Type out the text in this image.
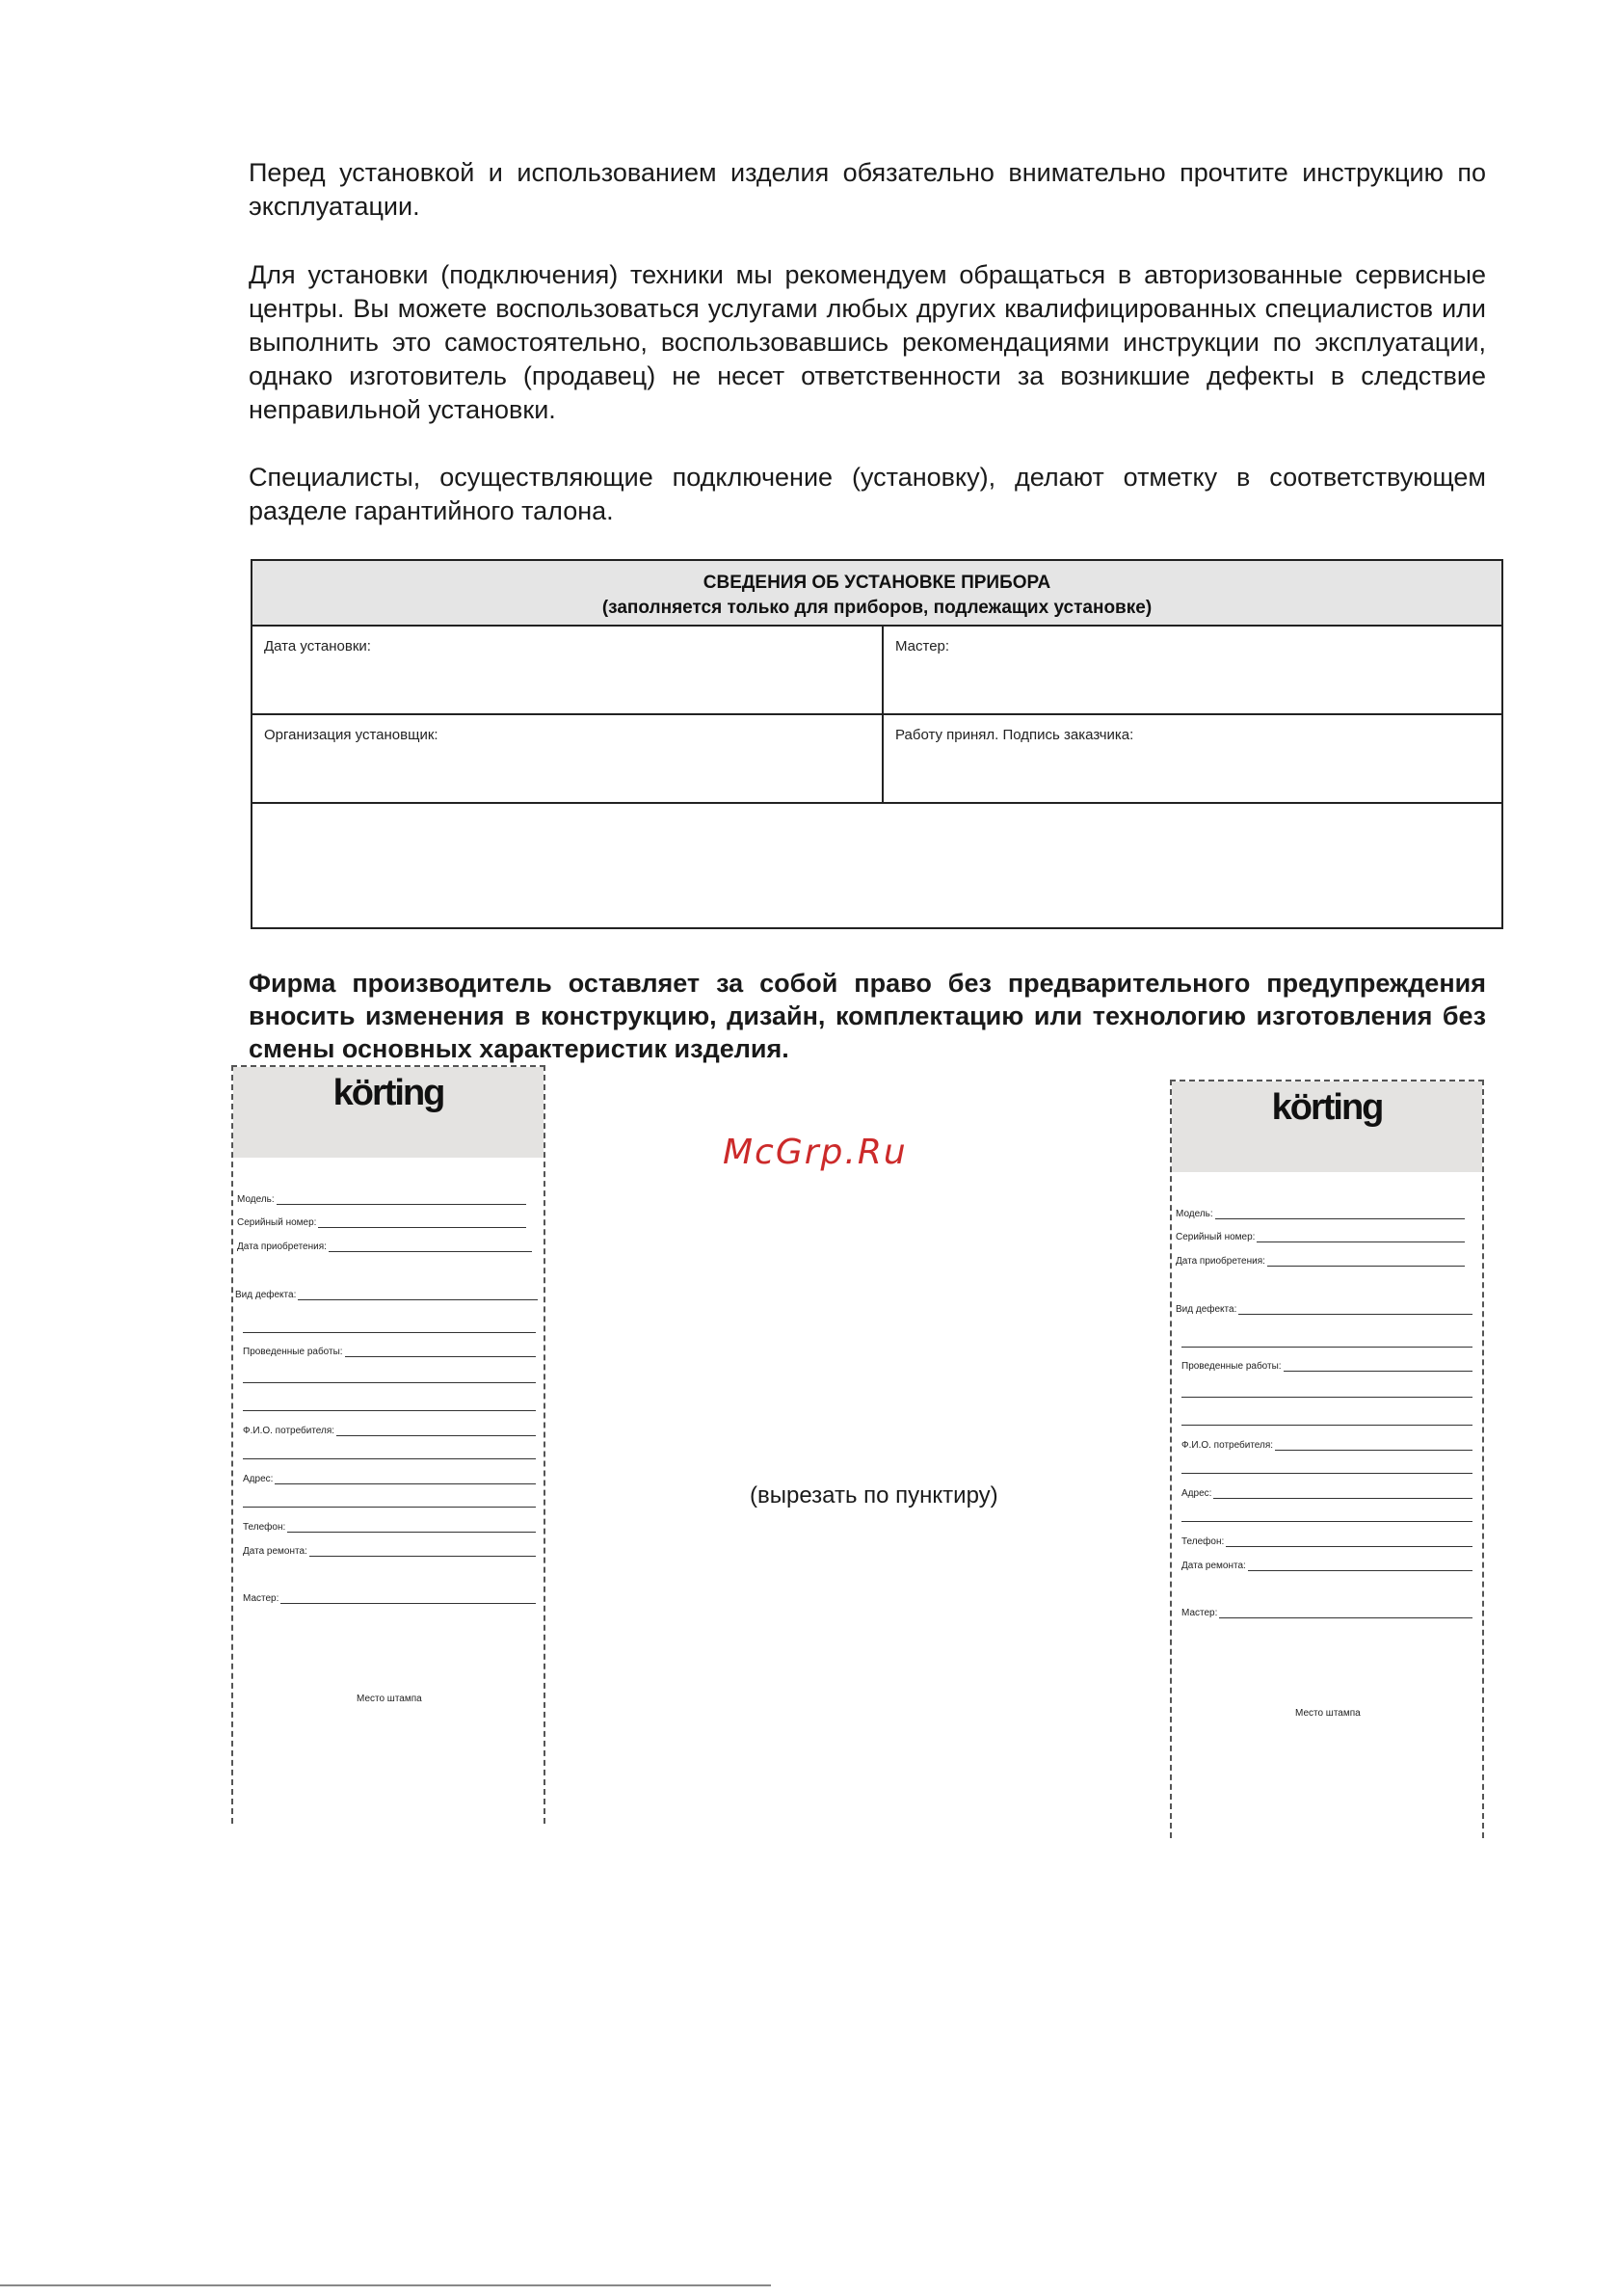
Перед установкой и использованием изделия обязательно внимательно прочтите инструкцию по эксплуатации.

Для установки (подключения) техники мы рекомендуем обращаться в авторизованные сервисные центры. Вы можете воспользоваться услугами любых других квалифицированных специалистов или выполнить это самостоятельно, воспользовавшись рекомендациями инструкции по эксплуатации, однако изготовитель (продавец) не несет ответственности за возникшие дефекты в следствие неправильной установки.

Специалисты, осуществляющие подключение (установку), делают отметку в соответствующем разделе гарантийного талона.

СВЕДЕНИЯ ОБ УСТАНОВКЕ ПРИБОРА
(заполняется только для приборов, подлежащих установке)
Дата установки:	Мастер:
Организация установщик:	Работу принял. Подпись заказчика:

Фирма производитель оставляет за собой право без предварительного предупреждения вносить изменения в конструкцию, дизайн, комплектацию или технологию изготовления без смены основных характеристик изделия.

körting
Модель:
Серийный номер:
Дата приобретения:
Вид дефекта:
Проведенные работы:
Ф.И.О. потребителя:
Адрес:
Телефон:
Дата ремонта:
Мастер:
Место штампа
körting
Модель:
Серийный номер:
Дата приобретения:
Вид дефекта:
Проведенные работы:
Ф.И.О. потребителя:
Адрес:
Телефон:
Дата ремонта:
Мастер:
Место штампа
McGrp.Ru
(вырезать по пунктиру)
